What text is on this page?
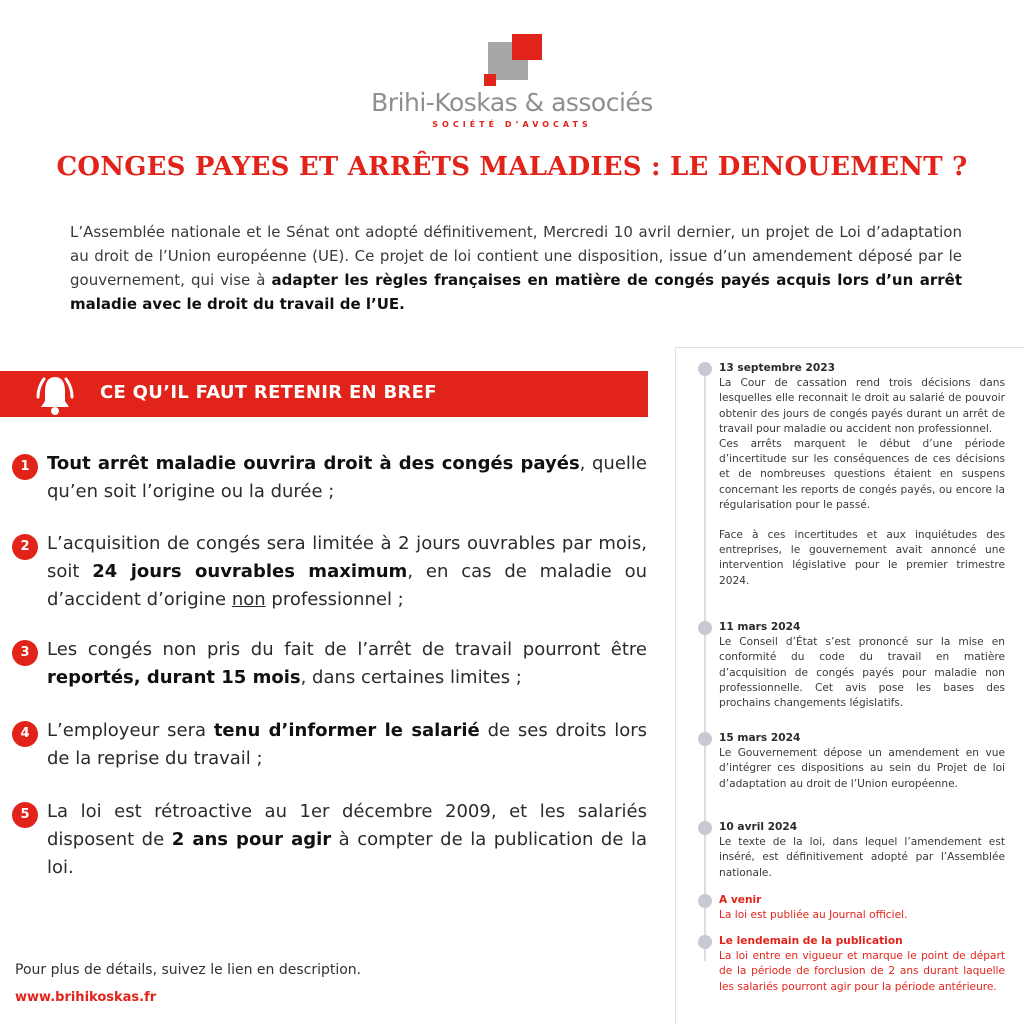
Brihi-Koskas & associés
SOCIÉTÉ D’AVOCATS
CONGES PAYES ET ARRÊTS MALADIES : LE DENOUEMENT ?

L’Assemblée nationale et le Sénat ont adopté définitivement, Mercredi 10 avril dernier, un projet de Loi d’adaptation au droit de l’Union européenne (UE). Ce projet de loi contient une disposition, issue d’un amendement déposé par le gouvernement, qui vise à adapter les règles françaises en matière de congés payés acquis lors d’un arrêt maladie avec le droit du travail de l’UE.

CE QU’IL FAUT RETENIR EN BREF
1 Tout arrêt maladie ouvrira droit à des congés payés, quelle qu’en soit l’origine ou la durée ;
2 L’acquisition de congés sera limitée à 2 jours ouvrables par mois, soit 24 jours ouvrables maximum, en cas de maladie ou d’accident d’origine non professionnel ;
3 Les congés non pris du fait de l’arrêt de travail pourront être reportés, durant 15 mois, dans certaines limites ;
4 L’employeur sera tenu d’informer le salarié de ses droits lors de la reprise du travail ;
5 La loi est rétroactive au 1er décembre 2009, et les salariés disposent de 2 ans pour agir à compter de la publication de la loi.
Pour plus de détails, suivez le lien en description.
www.brihikoskas.fr
13 septembre 2023
La Cour de cassation rend trois décisions dans lesquelles elle reconnait le droit au salarié de pouvoir obtenir des jours de congés payés durant un arrêt de travail pour maladie ou accident non professionnel.
Ces arrêts marquent le début d’une période d’incertitude sur les conséquences de ces décisions et de nombreuses questions étaient en suspens concernant les reports de congés payés, ou encore la régularisation pour le passé.
Face à ces incertitudes et aux inquiétudes des entreprises, le gouvernement avait annoncé une intervention législative pour le premier trimestre 2024.
11 mars 2024
Le Conseil d’État s’est prononcé sur la mise en conformité du code du travail en matière d’acquisition de congés payés pour maladie non professionnelle. Cet avis pose les bases des prochains changements législatifs.
15 mars 2024
Le Gouvernement dépose un amendement en vue d’intégrer ces dispositions au sein du Projet de loi d’adaptation au droit de l’Union européenne.
10 avril 2024
Le texte de la loi, dans lequel l’amendement est inséré, est définitivement adopté par l’Assemblée nationale.
A venir
La loi est publiée au Journal officiel.
Le lendemain de la publication
La loi entre en vigueur et marque le point de départ de la période de forclusion de 2 ans durant laquelle les salariés pourront agir pour la période antérieure.
